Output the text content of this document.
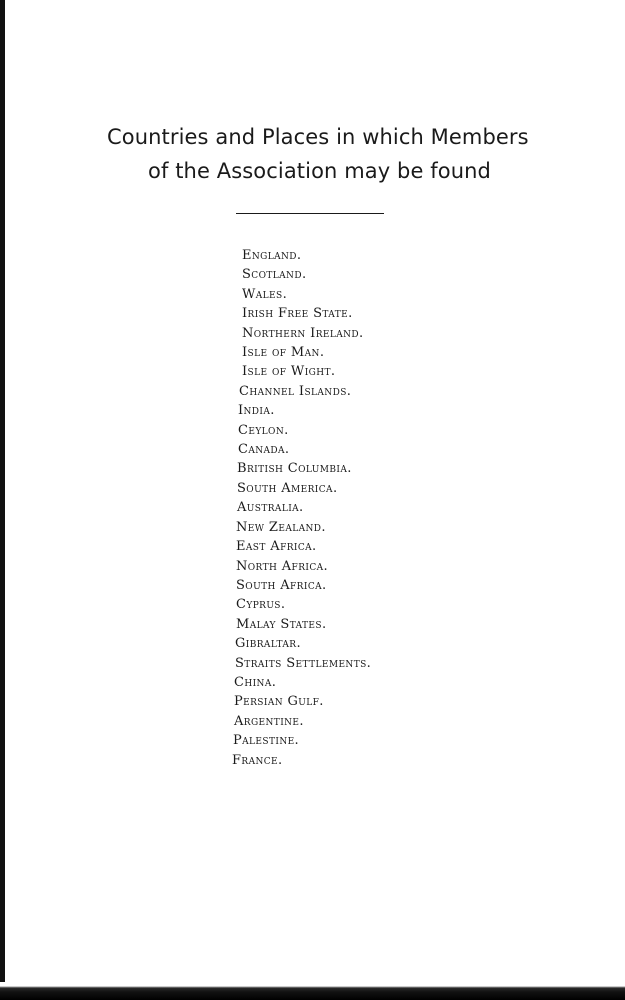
Countries and Places in which Members
of the Association may be found
England.
Scotland.
Wales.
Irish Free State.
Northern Ireland.
Isle of Man.
Isle of Wight.
Channel Islands.
India.
Ceylon.
Canada.
British Columbia.
South America.
Australia.
New Zealand.
East Africa.
North Africa.
South Africa.
Cyprus.
Malay States.
Gibraltar.
Straits Settlements.
China.
Persian Gulf.
Argentine.
Palestine.
France.
